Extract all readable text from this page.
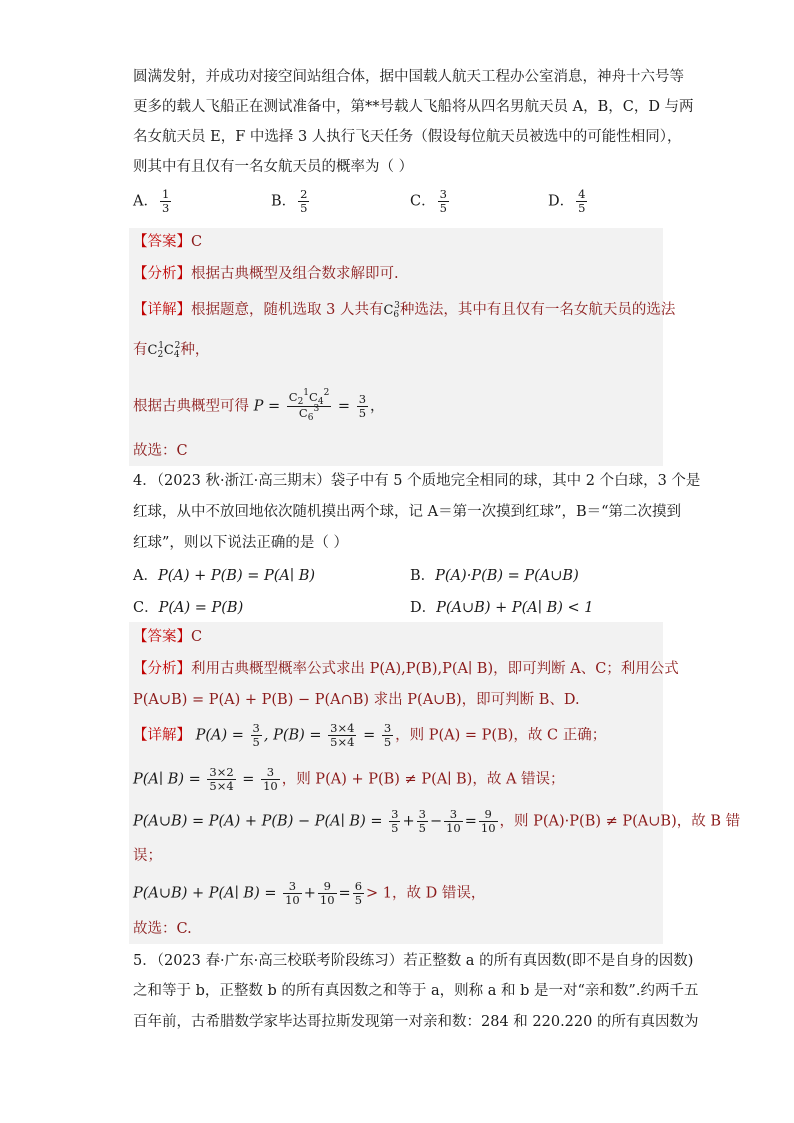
圆满发射，并成功对接空间站组合体，据中国载人航天工程办公室消息，神舟十六号等
更多的载人飞船正在测试准备中，第**号载人飞船将从四名男航天员 A，B，C，D 与两
名女航天员 E，F 中选择 3 人执行飞天任务（假设每位航天员被选中的可能性相同），
则其中有且仅有一名女航天员的概率为（ ）
A． $\frac{1}{3}$	B． $\frac{2}{5}$	C． $\frac{3}{5}$	D． $\frac{4}{5}$
【答案】C
【分析】根据古典概型及组合数求解即可.
【详解】根据题意，随机选取 3 人共有$C_6^3$种选法，其中有且仅有一名女航天员的选法
有$C_2^1C_4^2$种，
根据古典概型可得 $P = \frac{C_2^1C_4^2}{C_6^3} = \frac{3}{5}$ ，
故选：C
4．（2023 秋·浙江·高三期末）袋子中有 5 个质地完全相同的球，其中 2 个白球，3 个是
红球，从中不放回地依次随机摸出两个球，记 A＝第一次摸到红球”，B＝“第二次摸到
红球”，则以下说法正确的是（ ）
A．P(A) + P(B) = P(A∣ B)	B．P(A)·P(B) = P(A∪B)
C．P(A) = P(B)	D．P(A∪B) + P(A∣ B) < 1
【答案】C
【分析】利用古典概型概率公式求出 P(A),P(B),P(A∣ B)，即可判断 A、C；利用公式
P(A∪B) = P(A) + P(B) − P(A∩B) 求出 P(A∪B)，即可判断 B、D.
【详解】 $P(A) = \frac{3}{5}$ , $P(B) = \frac{3\times 4}{5\times 4} = \frac{3}{5}$ ，则 P(A) = P(B)，故 C 正确；
P(A∣ $B) = \frac{3\times 2}{5\times 4} = \frac{3}{10}$ ，则 P(A) + P(B) ≠ P(A∣ B)，故 A 错误；
P(A∪B) = P(A) + P(B) − P(A∣ $B) = \frac{3}{5} + \frac{3}{5} - \frac{3}{10} = \frac{9}{10}$ ，则 P(A)·P(B) ≠ P(A∪B)，故 B 错
误；
P(A∪B) + P(A∣ $B) = \frac{3}{10} + \frac{9}{10} = \frac{6}{5} > 1$，故 D 错误，
故选：C.
5．（2023 春·广东·高三校联考阶段练习）若正整数 a 的所有真因数(即不是自身的因数)
之和等于 b，正整数 b 的所有真因数之和等于 a，则称 a 和 b 是一对“亲和数”.约两千五
百年前，古希腊数学家毕达哥拉斯发现第一对亲和数：284 和 220.220 的所有真因数为
